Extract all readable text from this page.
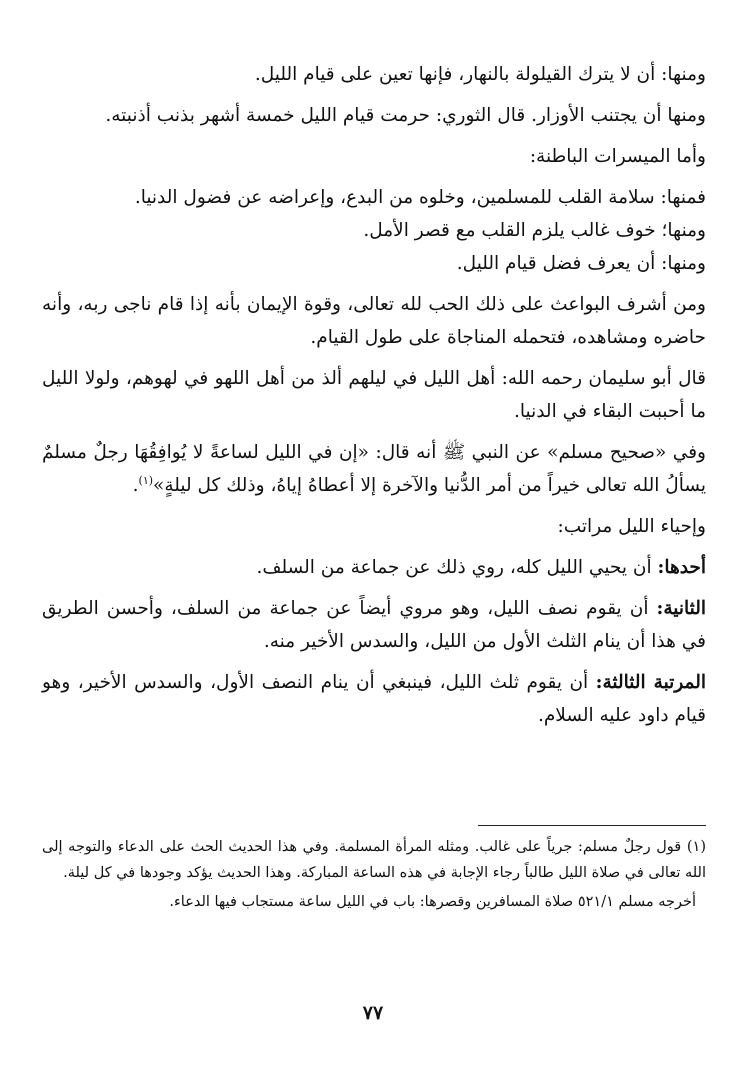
ومنها: أن لا يترك القيلولة بالنهار، فإنها تعين على قيام الليل.

ومنها أن يجتنب الأوزار. قال الثوري: حرمت قيام الليل خمسة أشهر بذنب أذنبته.

وأما الميسرات الباطنة:

فمنها: سلامة القلب للمسلمين، وخلوه من البدع، وإعراضه عن فضول الدنيا.

ومنها؛ خوف غالب يلزم القلب مع قصر الأمل.

ومنها: أن يعرف فضل قيام الليل.

ومن أشرف البواعث على ذلك الحب لله تعالى، وقوة الإيمان بأنه إذا قام ناجى ربه، وأنه حاضره ومشاهده، فتحمله المناجاة على طول القيام.

قال أبو سليمان رحمه الله: أهل الليل في ليلهم ألذ من أهل اللهو في لهوهم، ولولا الليل ما أحببت البقاء في الدنيا.

وفي «صحيح مسلم» عن النبي ﷺ أنه قال: «إن في الليل لساعةً لا يُوافِقُهَا رجلٌ مسلمٌ يسألُ الله تعالى خيراً من أمر الدُّنيا والآخرة إلا أعطاهُ إياهُ، وذلك كل ليلةٍ»$^{(١)}$.

وإحياء الليل مراتب:

أحدها: أن يحيي الليل كله، روي ذلك عن جماعة من السلف.

الثانية: أن يقوم نصف الليل، وهو مروي أيضاً عن جماعة من السلف، وأحسن الطريق في هذا أن ينام الثلث الأول من الليل، والسدس الأخير منه.

المرتبة الثالثة: أن يقوم ثلث الليل، فينبغي أن ينام النصف الأول، والسدس الأخير، وهو قيام داود عليه السلام.

(١) قول رجلٌ مسلم: جرياً على غالب. ومثله المرأة المسلمة. وفي هذا الحديث الحث على الدعاء والتوجه إلى الله تعالى في صلاة الليل طالباً رجاء الإجابة في هذه الساعة المباركة. وهذا الحديث يؤكد وجودها في كل ليلة.

أخرجه مسلم ٥٢١/١ صلاة المسافرين وقصرها: باب في الليل ساعة مستجاب فيها الدعاء.

٧٧
